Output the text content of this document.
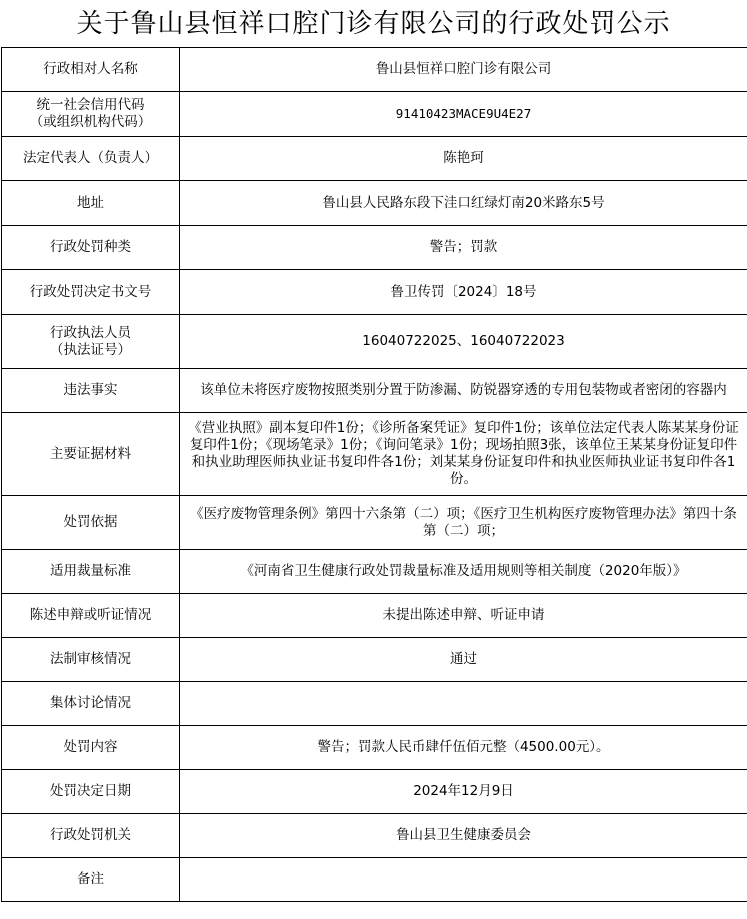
关于鲁山县恒祥口腔门诊有限公司的行政处罚公示
行政相对人名称	鲁山县恒祥口腔门诊有限公司
统一社会信用代码
（或组织机构代码）	91410423MACE9U4E27
法定代表人（负责人）	陈艳珂
地址	鲁山县人民路东段下洼口红绿灯南20米路东5号
行政处罚种类	警告；罚款
行政处罚决定书文号	鲁卫传罚〔2024〕18号
行政执法人员
（执法证号）	16040722025、16040722023
违法事实	该单位未将医疗废物按照类别分置于防渗漏、防锐器穿透的专用包装物或者密闭的容器内
主要证据材料	《营业执照》副本复印件1份；《诊所备案凭证》复印件1份；该单位法定代表人陈某某身份证复印件1份；《现场笔录》1份；《询问笔录》1份；现场拍照3张，该单位王某某身份证复印件和执业助理医师执业证书复印件各1份；刘某某身份证复印件和执业医师执业证书复印件各1份。
处罚依据	《医疗废物管理条例》第四十六条第（二）项；《医疗卫生机构医疗废物管理办法》第四十条第（二）项；
适用裁量标准	《河南省卫生健康行政处罚裁量标准及适用规则等相关制度（2020年版）》
陈述申辩或听证情况	未提出陈述申辩、听证申请
法制审核情况	通过
集体讨论情况	
处罚内容	警告；罚款人民币肆仟伍佰元整（4500.00元）。
处罚决定日期	2024年12月9日
行政处罚机关	鲁山县卫生健康委员会
备注	
